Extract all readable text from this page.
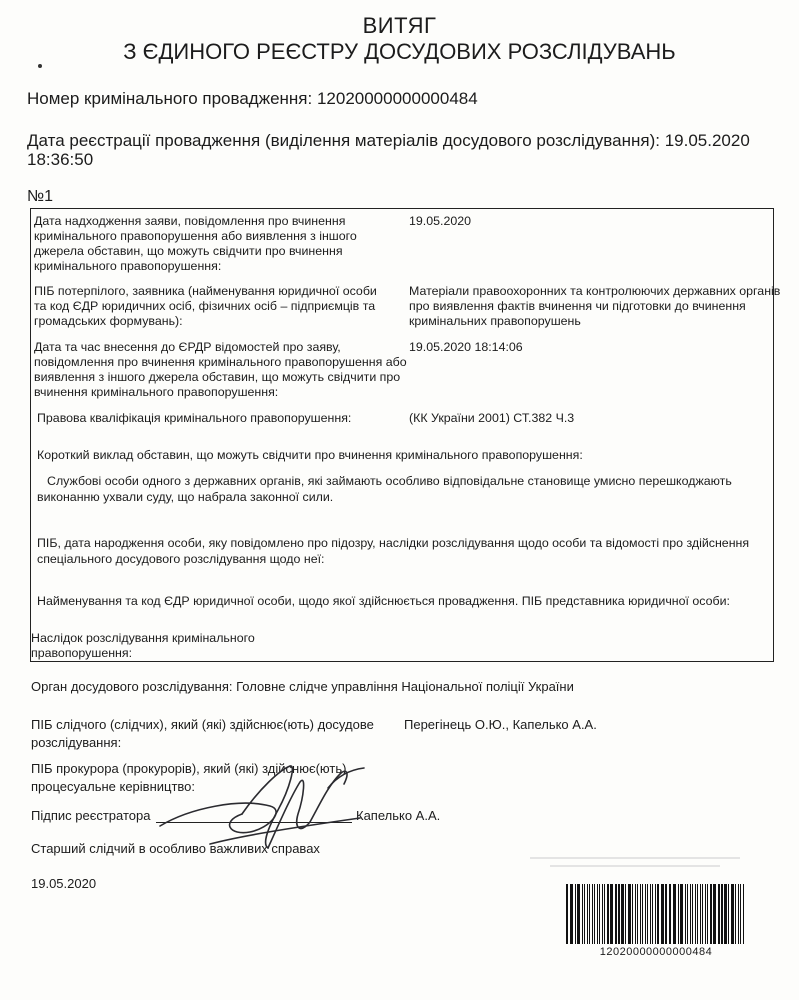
ВИТЯГ
З ЄДИНОГО РЕЄСТРУ ДОСУДОВИХ РОЗСЛІДУВАНЬ
Номер кримінального провадження: 12020000000000484
Дата реєстрації провадження (виділення матеріалів досудового розслідування): 19.05.2020
18:36:50
№1
Дата надходження заяви, повідомлення про вчинення
кримінального правопорушення або виявлення з іншого
джерела обставин, що можуть свідчити про вчинення
кримінального правопорушення:
19.05.2020
ПІБ потерпілого, заявника (найменування юридичної особи
та код ЄДР юридичних осіб, фізичних осіб – підприємців та
громадських формувань):
Матеріали правоохоронних та контролюючих державних органів
про виявлення фактів вчинення чи підготовки до вчинення
кримінальних правопорушень
Дата та час внесення до ЄРДР відомостей про заяву,
повідомлення про вчинення кримінального правопорушення або
виявлення з іншого джерела обставин, що можуть свідчити про
вчинення кримінального правопорушення:
19.05.2020 18:14:06
Правова кваліфікація кримінального правопорушення:	(КК України 2001) СТ.382 Ч.3
Короткий виклад обставин, що можуть свідчити про вчинення кримінального правопорушення:
Службові особи одного з державних органів, які займають особливо відповідальне становище умисно перешкоджають
виконанню ухвали суду, що набрала законної сили.
ПІБ, дата народження особи, яку повідомлено про підозру, наслідки розслідування щодо особи та відомості про здійснення
спеціального досудового розслідування щодо неї:
Найменування та код ЄДР юридичної особи, щодо якої здійснюється провадження. ПІБ представника юридичної особи:
Наслідок розслідування кримінального
правопорушення:
Орган досудового розслідування: Головне слідче управління Національної поліції України
ПІБ слідчого (слідчих), який (які) здійснює(ють) досудове
розслідування:
Перегінець О.Ю., Капелько А.А.
ПІБ прокурора (прокурорів), який (які) здійснює(ють)
процесуальне керівництво:
Підпис реєстратора	Капелько А.А.
Старший слідчий в особливо важливих справах
19.05.2020
12020000000000484
